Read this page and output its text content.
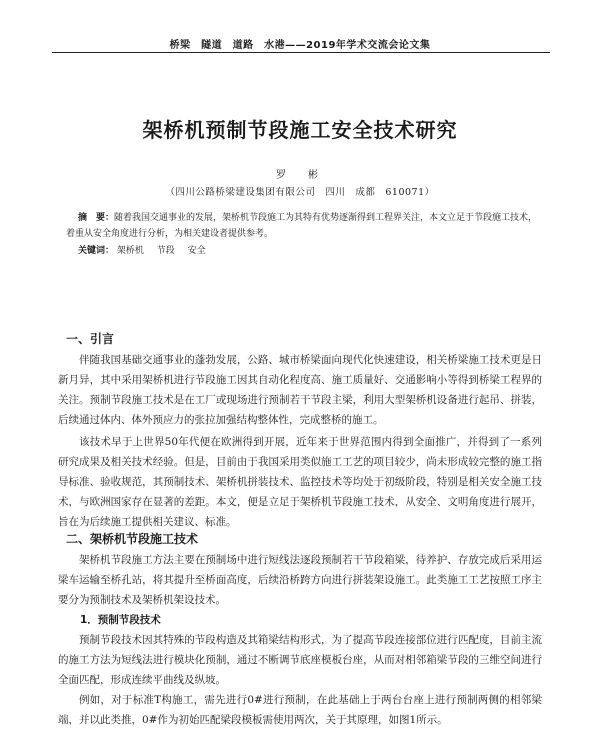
桥梁　隧道　道路　水港——2019年学术交流会论文集
架桥机预制节段施工安全技术研究
罗　彬
（四川公路桥梁建设集团有限公司　四川　成都　610071）
摘　要：随着我国交通事业的发展，架桥机节段施工为其特有优势逐渐得到工程界关注，本文立足于节段施工技术，着重从安全角度进行分析，为相关建设者提供参考。
关键词： 架桥机 节段 安全
一、引言

伴随我国基础交通事业的蓬勃发展，公路、城市桥梁面向现代化快速建设，相关桥梁施工技术更是日新月异，其中采用架桥机进行节段施工因其自动化程度高、施工质量好、交通影响小等得到桥梁工程界的关注。预制节段施工技术是在工厂或现场进行预制若干节段主梁，利用大型架桥机设备进行起吊、拼装，后续通过体内、体外预应力的张拉加强结构整体性，完成整桥的施工。

该技术早于上世界50年代便在欧洲得到开展，近年来于世界范围内得到全面推广，并得到了一系列研究成果及相关技术经验。但是，目前由于我国采用类似施工工艺的项目较少，尚未形成较完整的施工指导标准、验收规范，其预制技术、架桥机拼装技术、监控技术等均处于初级阶段，特别是相关安全施工技术，与欧洲国家存在显著的差距。本文，便是立足于架桥机节段施工技术，从安全、文明角度进行展开，旨在为后续施工提供相关建议、标准。

二、架桥机节段施工技术

架桥机节段施工方法主要在预制场中进行短线法逐段预制若干节段箱梁，待养护、存放完成后采用运梁车运输至桥孔站，将其提升至桥面高度，后续沿桥跨方向进行拼装架设施工。此类施工工艺按照工序主要分为预制技术及架桥机架设技术。

1．预制节段技术

预制节段技术因其特殊的节段构造及其箱梁结构形式，为了提高节段连接部位进行匹配度，目前主流的施工方法为短线法进行模块化预制，通过不断调节底座模板台座，从而对相邻箱梁节段的三维空间进行全面匹配，形成连续平曲线及纵坡。

例如，对于标准T构施工，需先进行0#进行预制，在此基础上于两台台座上进行预制两侧的相邻梁端，并以此类推，0#作为初始匹配梁段模板需使用两次，关于其原理，如图1所示。
